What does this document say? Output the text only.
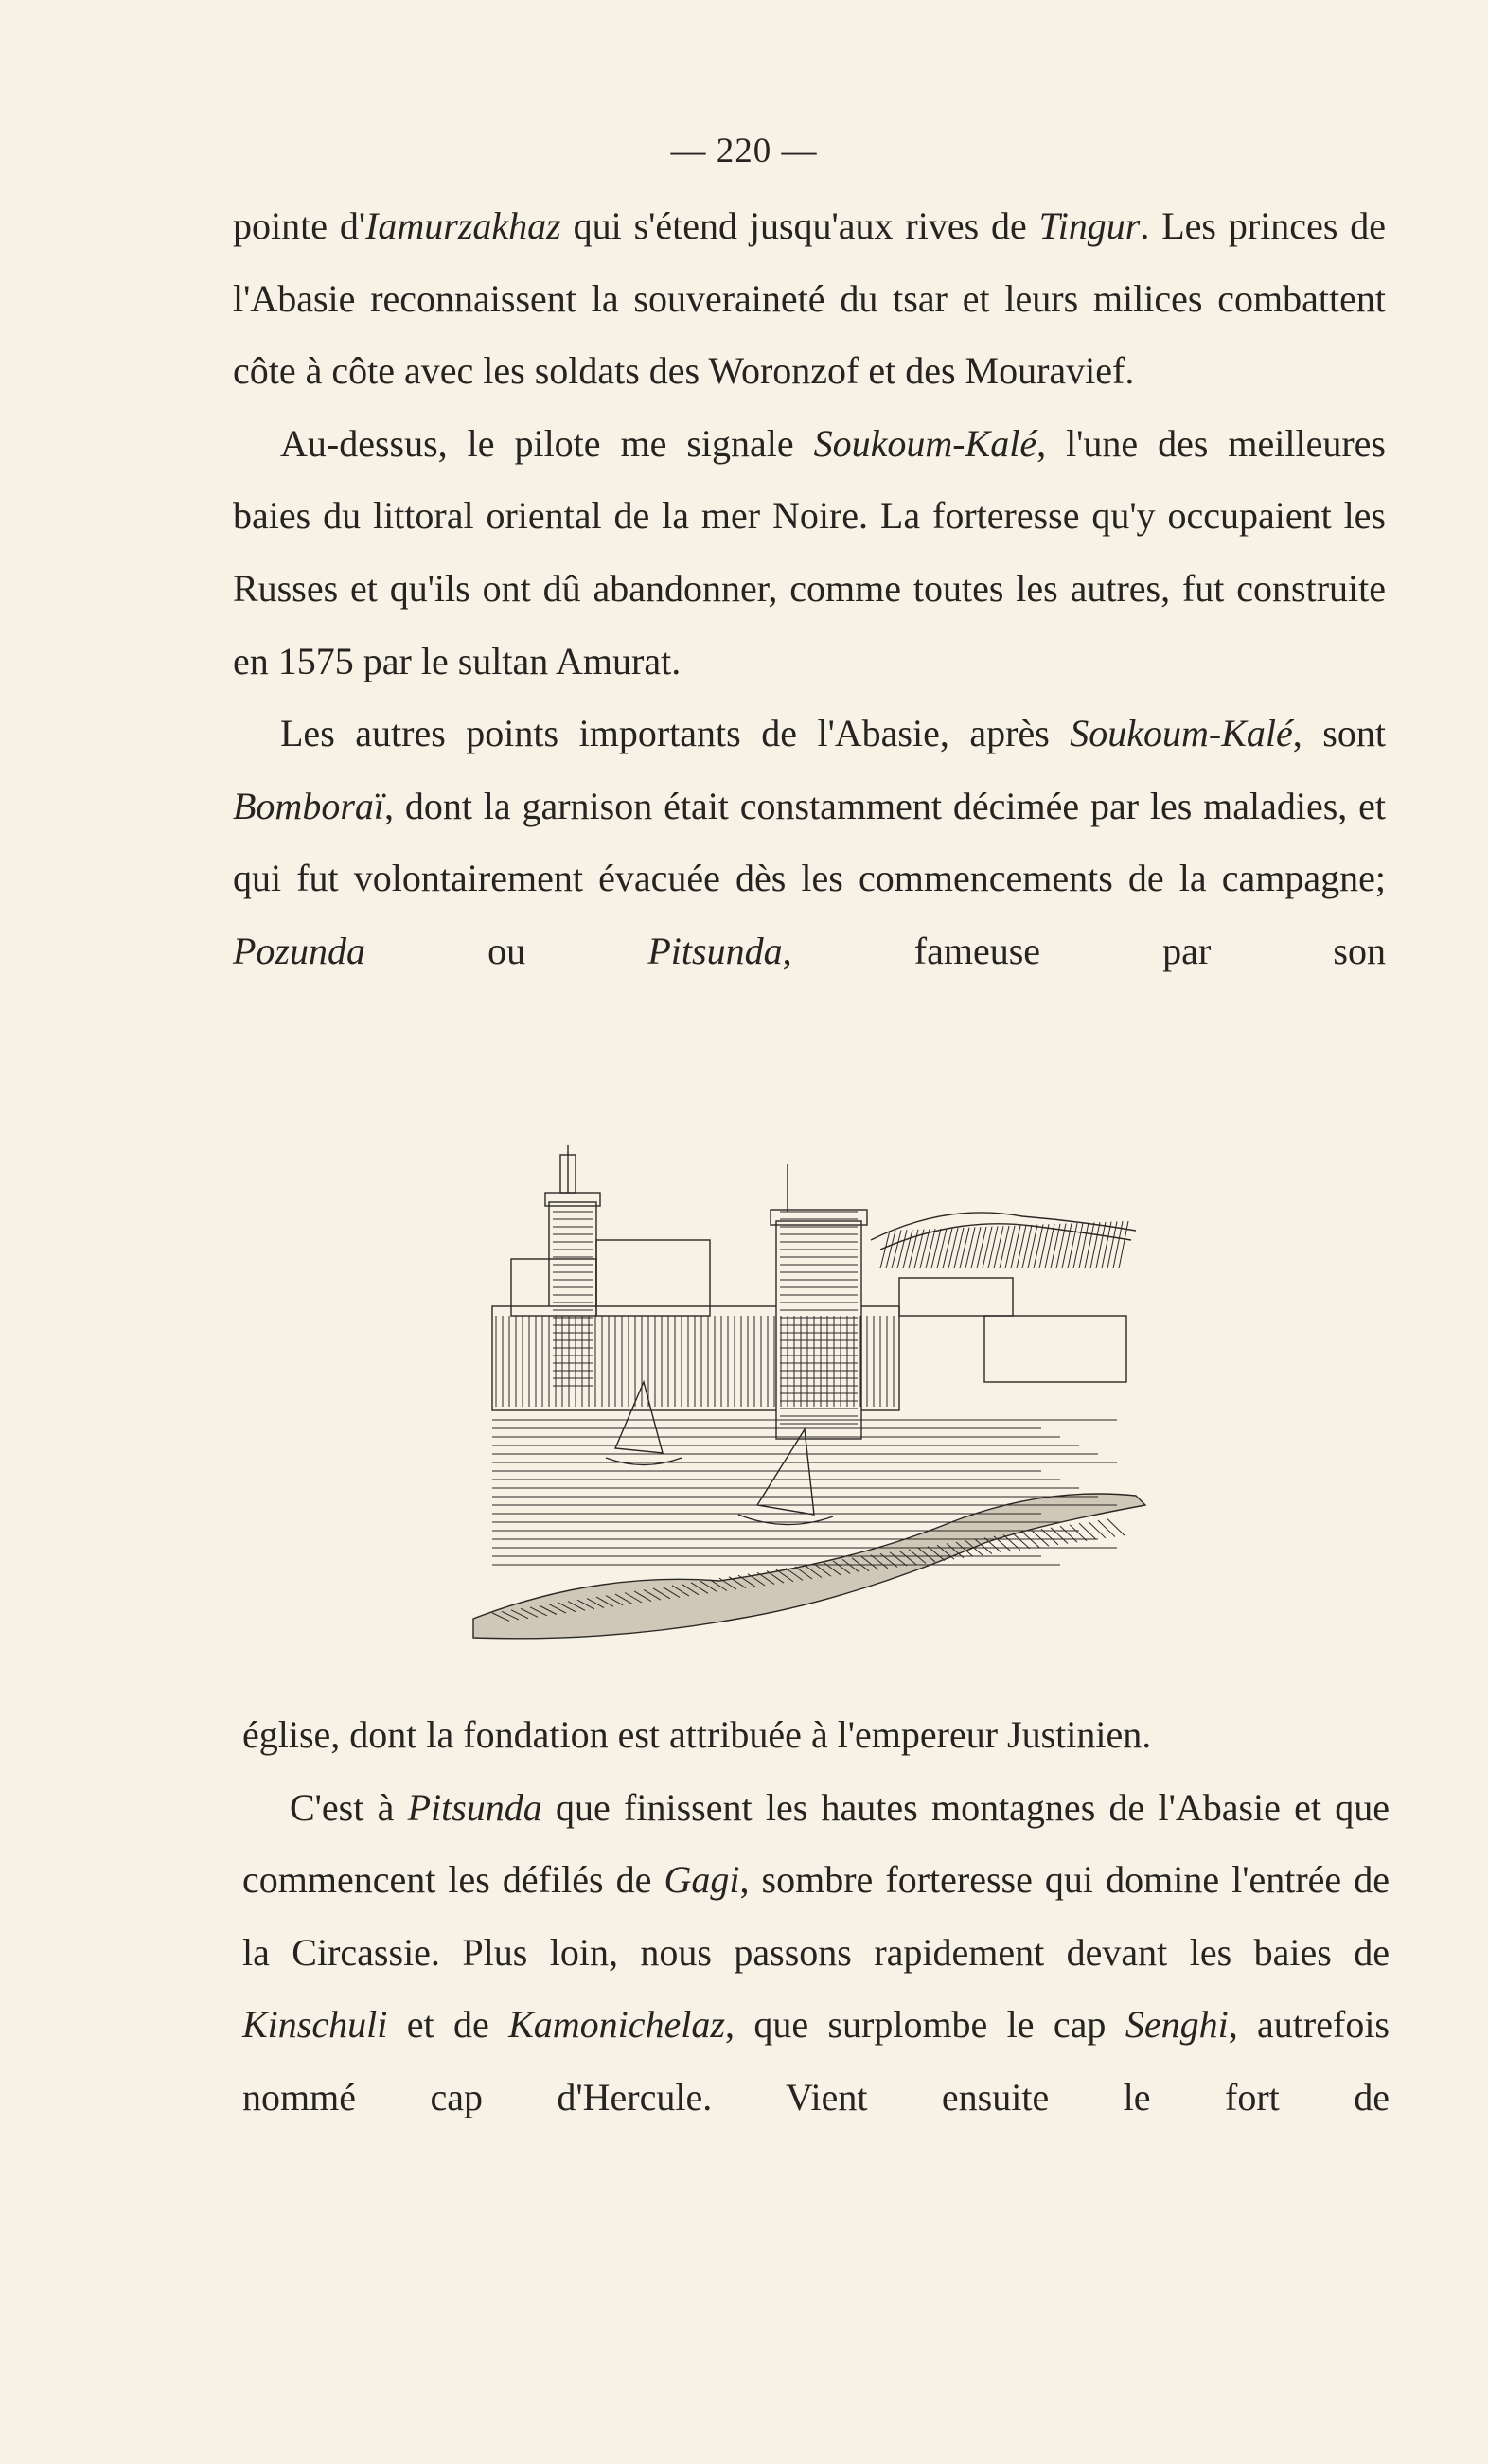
— 220 —

pointe d'Iamurzakhaz qui s'étend jusqu'aux rives de Tingur. Les princes de l'Abasie reconnaissent la souveraineté du tsar et leurs milices combattent côte à côte avec les soldats des Woronzof et des Mouravief.

Au-dessus, le pilote me signale Soukoum-Kalé, l'une des meilleures baies du littoral oriental de la mer Noire. La forteresse qu'y occupaient les Russes et qu'ils ont dû abandonner, comme toutes les autres, fut construite en 1575 par le sultan Amurat.

Les autres points importants de l'Abasie, après Soukoum-Kalé, sont Bomboraï, dont la garnison était constamment décimée par les maladies, et qui fut volontairement évacuée dès les commencements de la campagne; Pozunda ou Pitsunda, fameuse par son

église, dont la fondation est attribuée à l'empereur Justinien.

C'est à Pitsunda que finissent les hautes montagnes de l'Abasie et que commencent les défilés de Gagi, sombre forteresse qui domine l'entrée de la Circassie. Plus loin, nous passons rapidement devant les baies de Kinschuli et de Kamonichelaz, que surplombe le cap Senghi, autrefois nommé cap d'Hercule. Vient ensuite le fort de
